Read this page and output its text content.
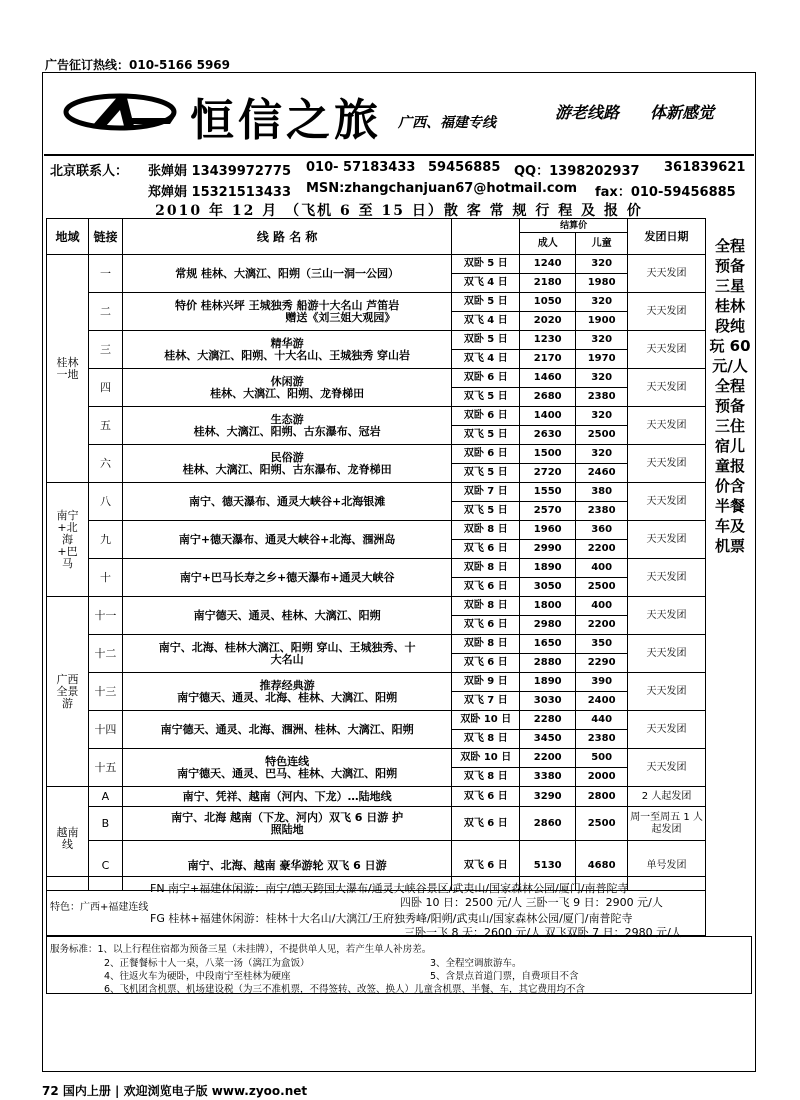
广告征订热线：010-5166 5969
恒信之旅 广西、福建专线
游老线路 体新感觉
北京联系人： 张婵娟 13439972775 010- 57183433 59456885 QQ：1398202937 361839621
郑婵娟 15321513433 MSN:zhangchanjuan67@hotmail.com fax：010-59456885
2010 年 12 月 （飞机 6 至 15 日）散 客 常 规 行 程 及 报 价
地域	链接	线 路 名 称		结算价		发团日期
				成人	儿童	
桂林一地	一	常规 桂林、大漓江、阳朔（三山一洞一公园）	双卧 5 日	1240	320	天天发团
			双飞 4 日	2180	1980	
	二	特价 桂林兴坪 王城独秀 船游十大名山 芦笛岩
赠送《刘三姐大观园》	双卧 5 日	1050	320	天天发团
			双飞 4 日	2020	1900	
	三	精华游
桂林、大漓江、阳朔、十大名山、王城独秀 穿山岩	双卧 5 日	1230	320	天天发团
			双飞 4 日	2170	1970	
	四	休闲游
桂林、大漓江、阳朔、龙脊梯田	双卧 6 日	1460	320	天天发团
			双飞 5 日	2680	2380	
	五	生态游
桂林、大漓江、阳朔、古东瀑布、冠岩	双卧 6 日	1400	320	天天发团
			双飞 5 日	2630	2500	
	六	民俗游
桂林、大漓江、阳朔、古东瀑布、龙脊梯田	双卧 6 日	1500	320	天天发团
			双飞 5 日	2720	2460	
南宁+北海+巴马	八	南宁、德天瀑布、通灵大峡谷+北海银滩	双卧 7 日	1550	380	天天发团
			双飞 5 日	2570	2380	
	九	南宁+德天瀑布、通灵大峡谷+北海、涠洲岛	双卧 8 日	1960	360	天天发团
			双飞 6 日	2990	2200	
	十	南宁+巴马长寿之乡+德天瀑布+通灵大峡谷	双卧 8 日	1890	400	天天发团
			双飞 6 日	3050	2500	
广西全景游	十一	南宁德天、通灵、桂林、大漓江、阳朔	双卧 8 日	1800	400	天天发团
			双飞 6 日	2980	2200	
	十二	南宁、北海、桂林大漓江、阳朔 穿山、王城独秀、十
大名山	双卧 8 日	1650	350	天天发团
			双飞 6 日	2880	2290	
	十三	推荐经典游
南宁德天、通灵、北海、桂林、大漓江、阳朔	双卧 9 日	1890	390	天天发团
			双飞 7 日	3030	2400	
	十四	南宁德天、通灵、北海、涠洲、桂林、大漓江、阳朔	双卧 10 日	2280	440	天天发团
			双飞 8 日	3450	2380	
	十五	特色连线
南宁德天、通灵、巴马、桂林、大漓江、阳朔	双卧 10 日	2200	500	天天发团
			双飞 8 日	3380	2000	
越南线	A	南宁、凭祥、越南（河内、下龙）…陆地线	双飞 6 日	3290	2800	2 人起发团
	B	南宁、北海 越南（下龙、河内）双飞 6 日游 护
照陆地	双飞 6 日	2860	2500	周一至周五 1 人起发团
	C	南宁、北海、越南 豪华游轮 双飞 6 日游	双飞 6 日	5130	4680	单号发团
全程预备三星 桂林段纯玩 60 元/人 全程预备三住宿儿童报价含半餐车及机票
特色：广西+福建连线
FN 南宁+福建休闲游：南宁/德天跨国大瀑布/通灵大峡谷景区/武夷山/国家森林公园/厦门/南普陀寺
四卧 10 日：2500 元/人 三卧一飞 9 日：2900 元/人
FG 桂林+福建休闲游：桂林十大名山/大漓江/王府独秀峰/阳朔/武夷山/国家森林公园/厦门/南普陀寺
三卧一飞 8 天：2600 元/人 双飞双卧 7 日：2980 元/人
服务标准：1、以上行程住宿都为预备三星（未挂牌），不提供单人见，若产生单人补房差。
2、正餐餐标十人一桌，八菜一汤（漓江为盒饭）	3、全程空调旅游车。
4、往返火车为硬卧，中段南宁至桂林为硬座	5、含景点首道门票，自费项目不含
6、飞机团含机票、机场建设税（为三不准机票，不得签转、改签、换人）儿童含机票、半餐、车，其它费用均不含
72 国内上册 | 欢迎浏览电子版 www.zyoo.net
